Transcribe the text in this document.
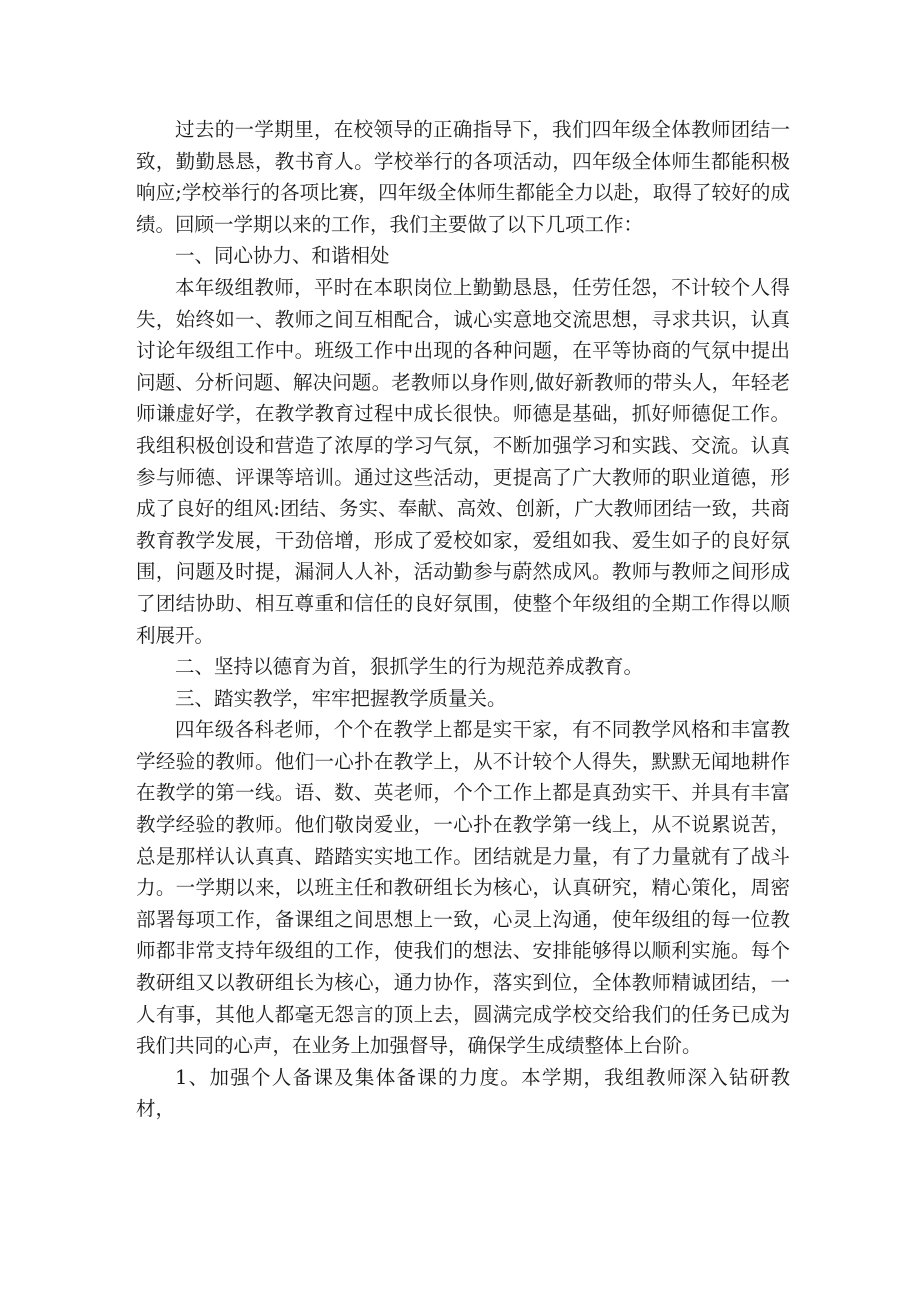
过去的一学期里，在校领导的正确指导下，我们四年级全体教师团结一致，勤勤恳恳，教书育人。学校举行的各项活动，四年级全体师生都能积极响应;学校举行的各项比赛，四年级全体师生都能全力以赴，取得了较好的成绩。回顾一学期以来的工作，我们主要做了以下几项工作：

一、同心协力、和谐相处

本年级组教师，平时在本职岗位上勤勤恳恳，任劳任怨，不计较个人得失，始终如一、教师之间互相配合，诚心实意地交流思想，寻求共识，认真讨论年级组工作中。班级工作中出现的各种问题，在平等协商的气氛中提出问题、分析问题、解决问题。老教师以身作则,做好新教师的带头人，年轻老师谦虚好学，在教学教育过程中成长很快。师德是基础，抓好师德促工作。我组积极创设和营造了浓厚的学习气氛，不断加强学习和实践、交流。认真参与师德、评课等培训。通过这些活动，更提高了广大教师的职业道德，形成了良好的组风:团结、务实、奉献、高效、创新，广大教师团结一致，共商教育教学发展，干劲倍增，形成了爱校如家，爱组如我、爱生如子的良好氛围，问题及时提，漏洞人人补，活动勤参与蔚然成风。教师与教师之间形成了团结协助、相互尊重和信任的良好氛围，使整个年级组的全期工作得以顺利展开。

二、坚持以德育为首，狠抓学生的行为规范养成教育。

三、踏实教学，牢牢把握教学质量关。

四年级各科老师，个个在教学上都是实干家，有不同教学风格和丰富教学经验的教师。他们一心扑在教学上，从不计较个人得失，默默无闻地耕作在教学的第一线。语、数、英老师，个个工作上都是真劲实干、并具有丰富教学经验的教师。他们敬岗爱业，一心扑在教学第一线上，从不说累说苦，总是那样认认真真、踏踏实实地工作。团结就是力量，有了力量就有了战斗力。一学期以来，以班主任和教研组长为核心，认真研究，精心策化，周密部署每项工作，备课组之间思想上一致，心灵上沟通，使年级组的每一位教师都非常支持年级组的工作，使我们的想法、安排能够得以顺利实施。每个教研组又以教研组长为核心，通力协作，落实到位，全体教师精诚团结，一人有事，其他人都毫无怨言的顶上去，圆满完成学校交给我们的任务已成为我们共同的心声，在业务上加强督导，确保学生成绩整体上台阶。

1、加强个人备课及集体备课的力度。本学期，我组教师深入钻研教材，
